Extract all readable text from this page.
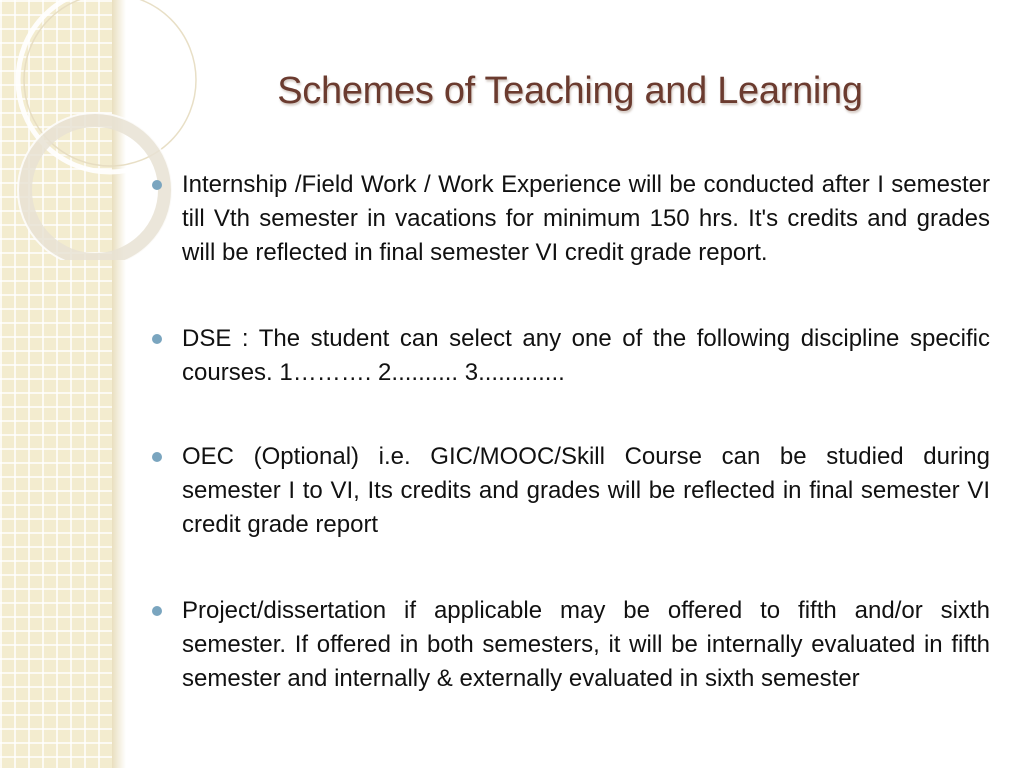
Schemes of Teaching and Learning
Internship /Field Work / Work Experience will be conducted after I semester till Vth semester in vacations for minimum 150 hrs. It's credits and grades will be reflected in final semester VI credit grade report.
DSE : The student can select any one of the following discipline specific courses. 1………. 2.......... 3.............
OEC (Optional) i.e. GIC/MOOC/Skill Course can be studied during semester I to VI, Its credits and grades will be reflected in final semester VI credit grade report
Project/dissertation if applicable may be offered to fifth and/or sixth semester. If offered in both semesters, it will be internally evaluated in fifth semester and internally & externally evaluated in sixth semester
